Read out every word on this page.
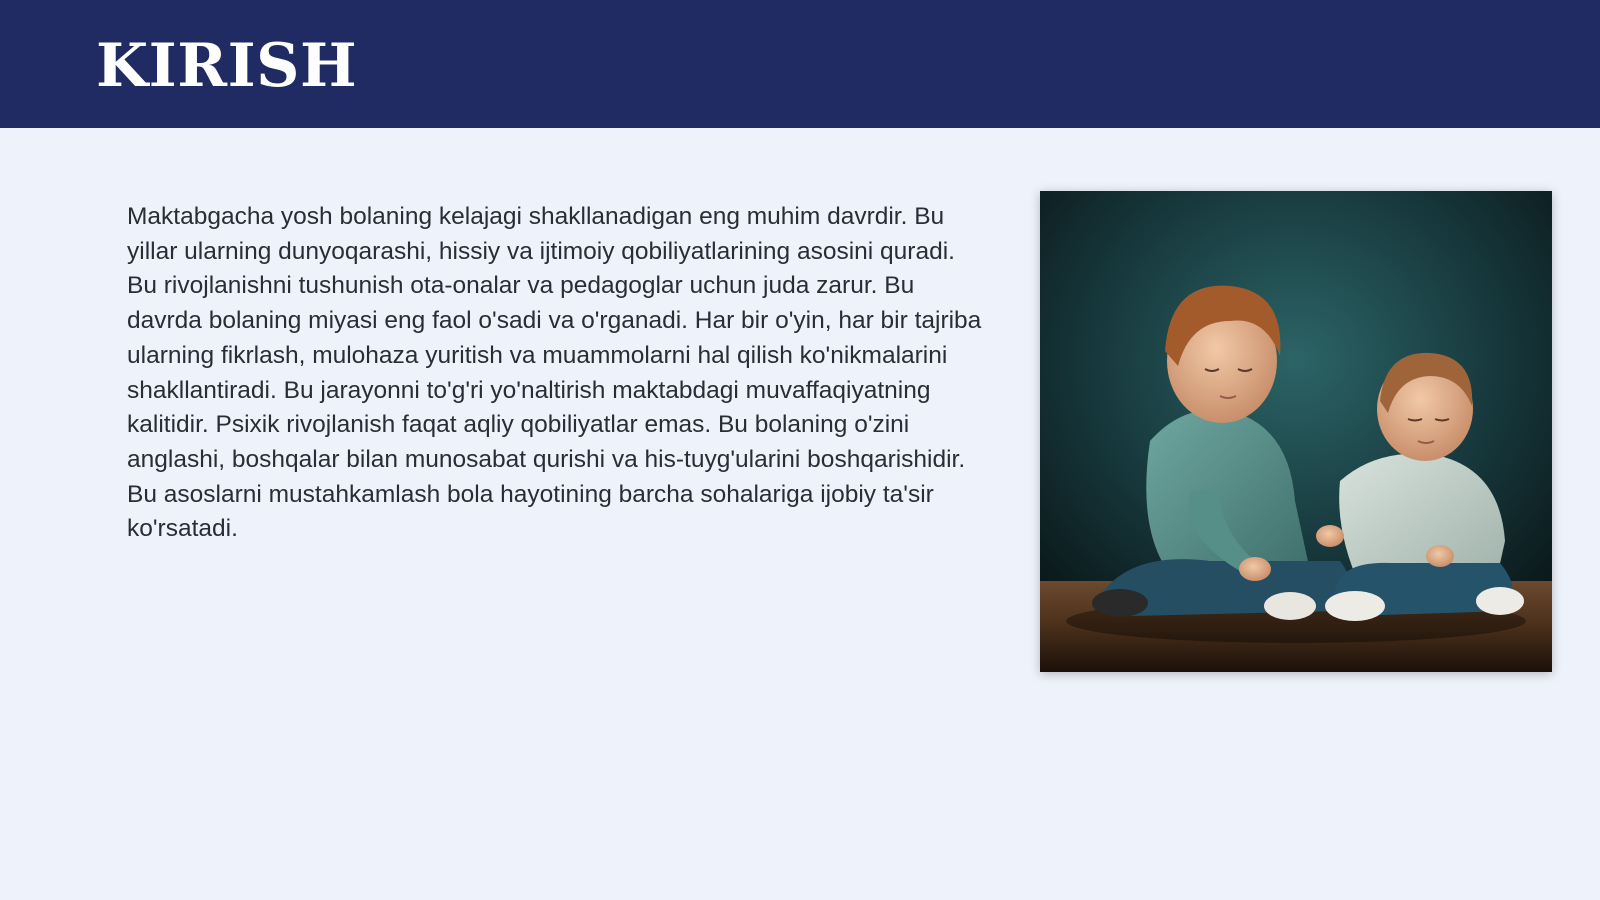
KIRISH

Maktabgacha yosh bolaning kelajagi shakllanadigan eng muhim davrdir. Bu yillar ularning dunyoqarashi, hissiy va ijtimoiy qobiliyatlarining asosini quradi. Bu rivojlanishni tushunish ota-onalar va pedagoglar uchun juda zarur. Bu davrda bolaning miyasi eng faol o'sadi va o'rganadi. Har bir o'yin, har bir tajriba ularning fikrlash, mulohaza yuritish va muammolarni hal qilish ko'nikmalarini shakllantiradi. Bu jarayonni to'g'ri yo'naltirish maktabdagi muvaffaqiyatning kalitidir. Psixik rivojlanish faqat aqliy qobiliyatlar emas. Bu bolaning o'zini anglashi, boshqalar bilan munosabat qurishi va his-tuyg'ularini boshqarishidir. Bu asoslarni mustahkamlash bola hayotining barcha sohalariga ijobiy ta'sir ko'rsatadi.
